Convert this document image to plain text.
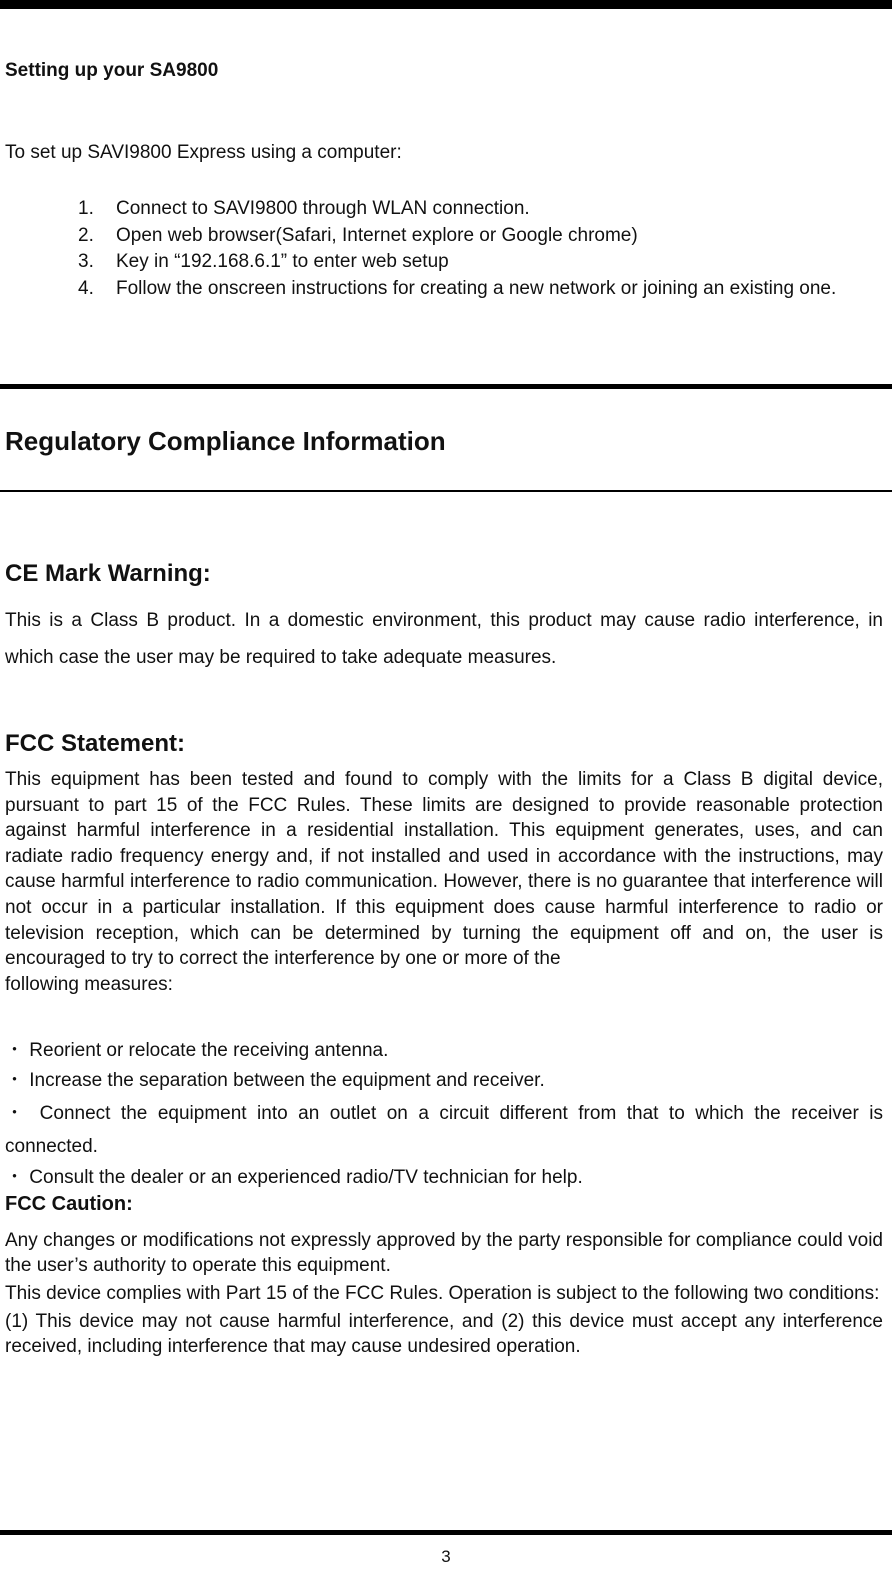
Setting up your SA9800
To set up SAVI9800 Express using a computer:
1.	Connect to SAVI9800 through WLAN connection.
2.	Open web browser(Safari, Internet explore or Google chrome)
3.	Key in “192.168.6.1” to enter web setup
4.	Follow the onscreen instructions for creating a new network or joining an existing one.
Regulatory Compliance Information
CE Mark Warning:
This is a Class B product. In a domestic environment, this product may cause radio interference, in which case the user may be required to take adequate measures.
FCC Statement:
This equipment has been tested and found to comply with the limits for a Class B digital device, pursuant to part 15 of the FCC Rules. These limits are designed to provide reasonable protection against harmful interference in a residential installation. This equipment generates, uses, and can radiate radio frequency energy and, if not installed and used in accordance with the instructions, may cause harmful interference to radio communication. However, there is no guarantee that interference will not occur in a particular installation. If this equipment does cause harmful interference to radio or television reception, which can be determined by turning the equipment off and on, the user is encouraged to try to correct the interference by one or more of the
following measures:
・ Reorient or relocate the receiving antenna.
・ Increase the separation between the equipment and receiver.
・ Connect the equipment into an outlet on a circuit different from that to which the receiver is connected.
・ Consult the dealer or an experienced radio/TV technician for help.
FCC Caution:
Any changes or modifications not expressly approved by the party responsible for compliance could void the user’s authority to operate this equipment.
This device complies with Part 15 of the FCC Rules. Operation is subject to the following two conditions:
(1) This device may not cause harmful interference, and (2) this device must accept any interference received, including interference that may cause undesired operation.
3
